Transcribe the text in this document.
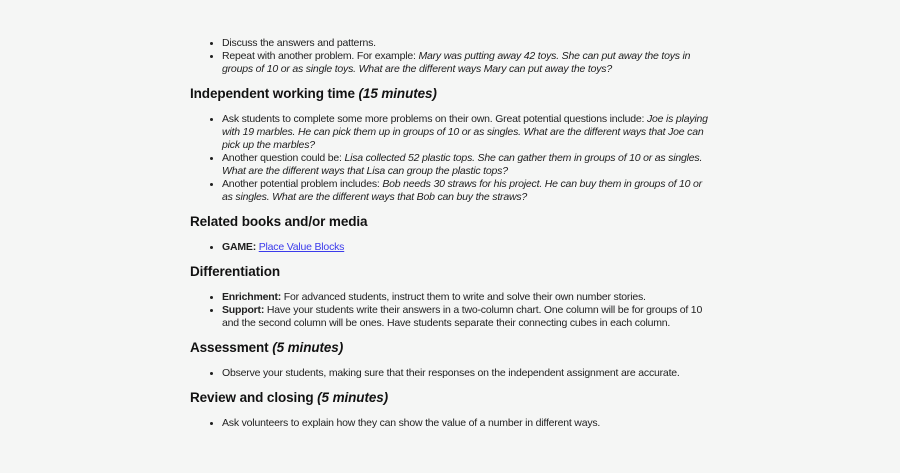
• Discuss the answers and patterns.
• Repeat with another problem. For example: Mary was putting away 42 toys. She can put away the toys in groups of 10 or as single toys. What are the different ways Mary can put away the toys?
Independent working time (15 minutes)
• Ask students to complete some more problems on their own. Great potential questions include: Joe is playing with 19 marbles. He can pick them up in groups of 10 or as singles. What are the different ways that Joe can pick up the marbles?
• Another question could be: Lisa collected 52 plastic tops. She can gather them in groups of 10 or as singles. What are the different ways that Lisa can group the plastic tops?
• Another potential problem includes: Bob needs 30 straws for his project. He can buy them in groups of 10 or as singles. What are the different ways that Bob can buy the straws?
Related books and/or media
• GAME: Place Value Blocks
Differentiation
• Enrichment: For advanced students, instruct them to write and solve their own number stories.
• Support: Have your students write their answers in a two-column chart. One column will be for groups of 10 and the second column will be ones. Have students separate their connecting cubes in each column.
Assessment (5 minutes)
• Observe your students, making sure that their responses on the independent assignment are accurate.
Review and closing (5 minutes)
• Ask volunteers to explain how they can show the value of a number in different ways.
